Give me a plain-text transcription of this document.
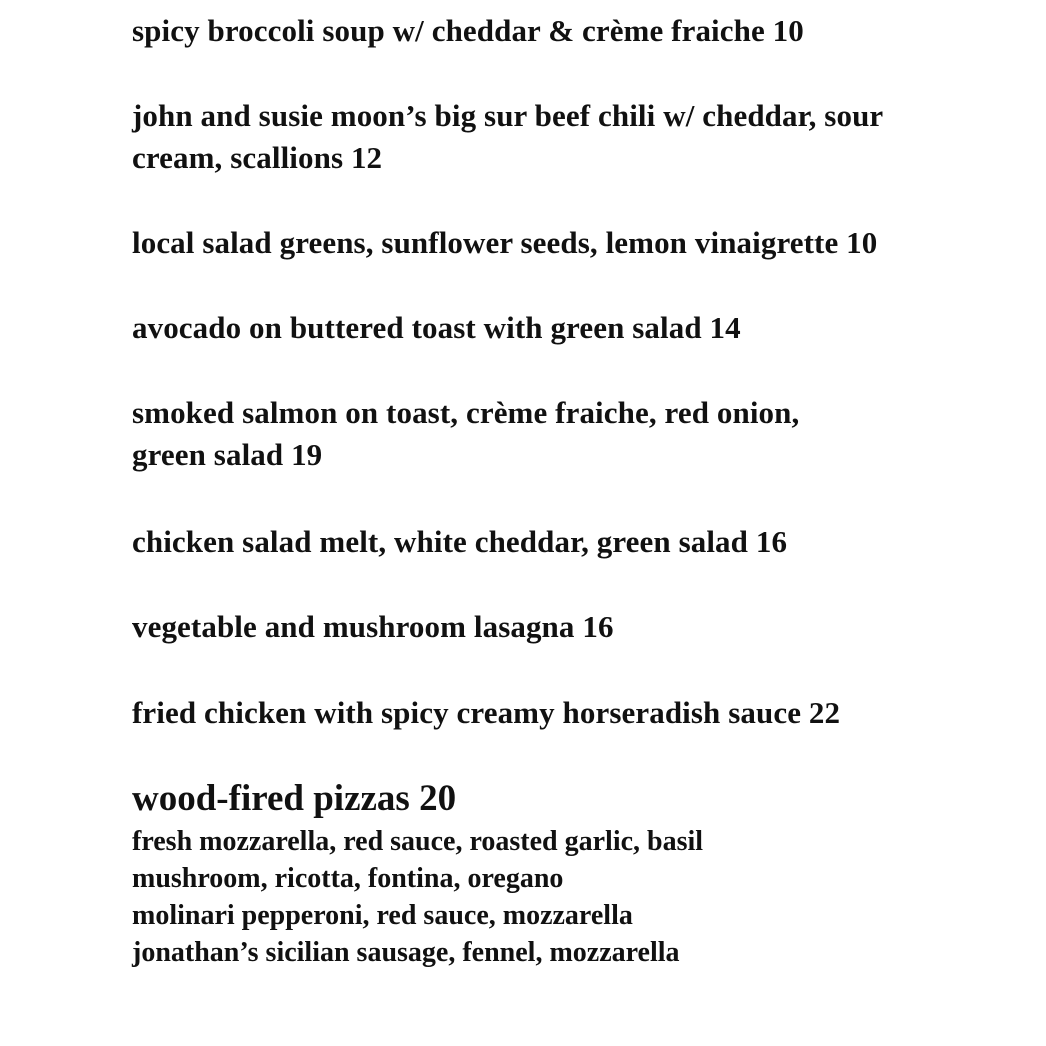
spicy broccoli soup w/ cheddar & crème fraiche 10
john and susie moon’s big sur beef chili w/ cheddar, sour
cream, scallions 12
local salad greens, sunflower seeds, lemon vinaigrette 10
avocado on buttered toast with green salad 14
smoked salmon on toast, crème fraiche, red onion,
green salad 19
chicken salad melt, white cheddar, green salad 16
vegetable and mushroom lasagna 16
fried chicken with spicy creamy horseradish sauce 22
wood-fired pizzas 20
fresh mozzarella, red sauce, roasted garlic, basil
mushroom, ricotta, fontina, oregano
molinari pepperoni, red sauce, mozzarella
jonathan’s sicilian sausage, fennel, mozzarella
